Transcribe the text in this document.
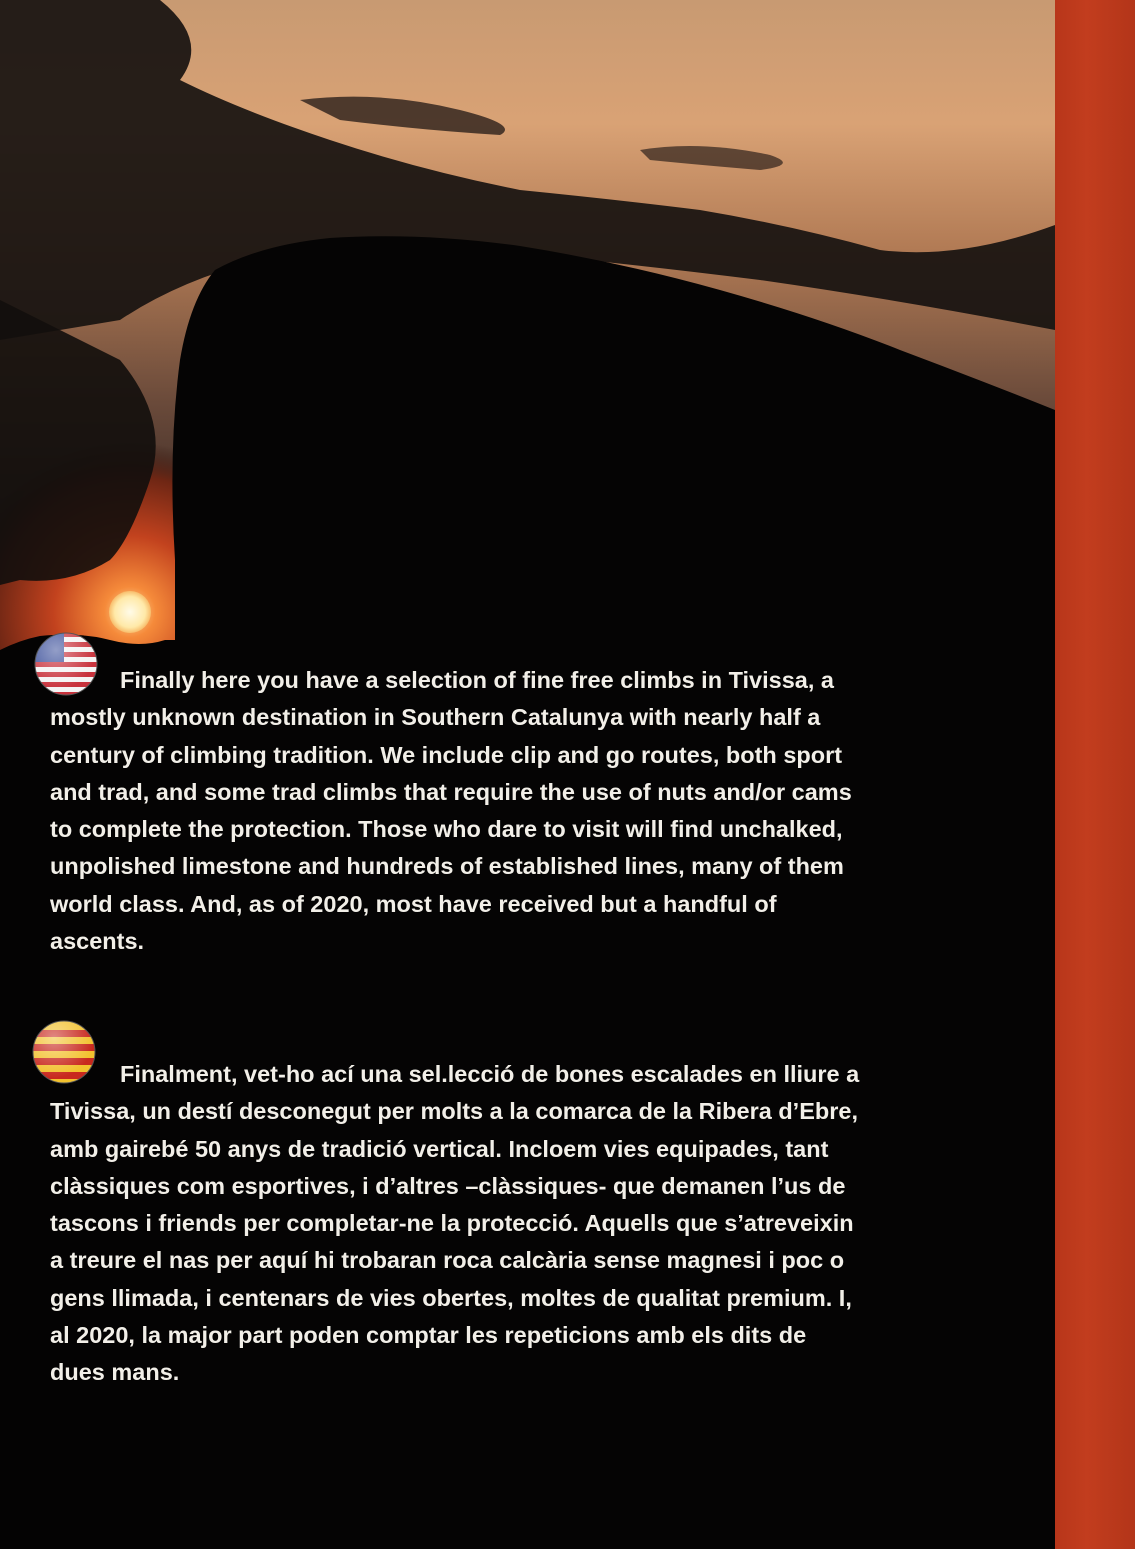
Finally here you have a selection of fine free climbs in Tivissa, a
mostly unknown destination in Southern Catalunya with nearly half a
century of climbing tradition. We include clip and go routes, both sport
and trad, and some trad climbs that require the use of nuts and/or cams
to complete the protection. Those who dare to visit will find unchalked,
unpolished limestone and hundreds of established lines, many of them
world class. And, as of 2020, most have received but a handful of
ascents.
Finalment, vet-ho ací una sel.lecció de bones escalades en lliure a
Tivissa, un destí desconegut per molts a la comarca de la Ribera d’Ebre,
amb gairebé 50 anys de tradició vertical. Incloem vies equipades, tant
clàssiques com esportives, i d’altres –clàssiques- que demanen l’us de
tascons i friends per completar-ne la protecció. Aquells que s’atreveixin
a treure el nas per aquí hi trobaran roca calcària sense magnesi i poc o
gens llimada, i centenars de vies obertes, moltes de qualitat premium. I,
al 2020, la major part poden comptar les repeticions amb els dits de
dues mans.
